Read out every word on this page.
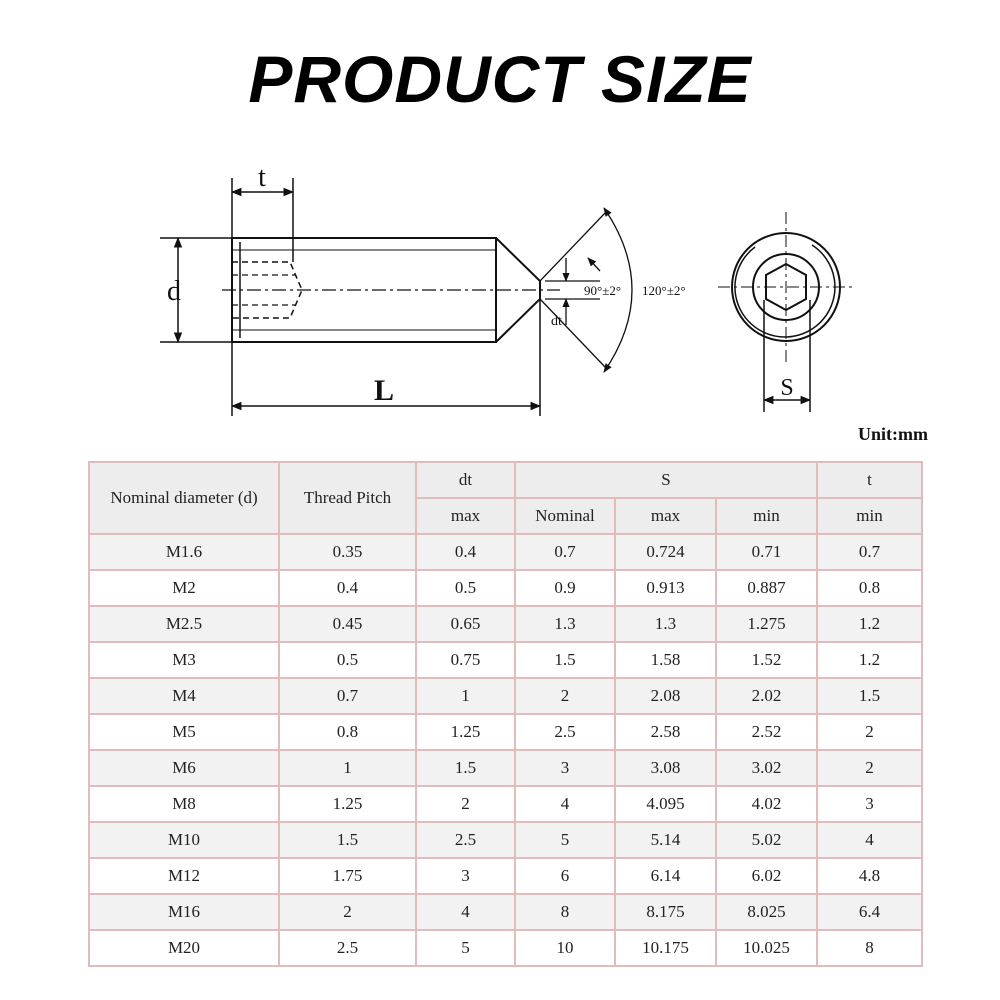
PRODUCT SIZE
t
d
L
90°±2° 120°±2°
dt
S
Unit:mm
Nominal diameter (d)	Thread Pitch	dt	S			t
		max	Nominal	max	min	min
M1.6	0.35	0.4	0.7	0.724	0.71	0.7
M2	0.4	0.5	0.9	0.913	0.887	0.8
M2.5	0.45	0.65	1.3	1.3	1.275	1.2
M3	0.5	0.75	1.5	1.58	1.52	1.2
M4	0.7	1	2	2.08	2.02	1.5
M5	0.8	1.25	2.5	2.58	2.52	2
M6	1	1.5	3	3.08	3.02	2
M8	1.25	2	4	4.095	4.02	3
M10	1.5	2.5	5	5.14	5.02	4
M12	1.75	3	6	6.14	6.02	4.8
M16	2	4	8	8.175	8.025	6.4
M20	2.5	5	10	10.175	10.025	8
